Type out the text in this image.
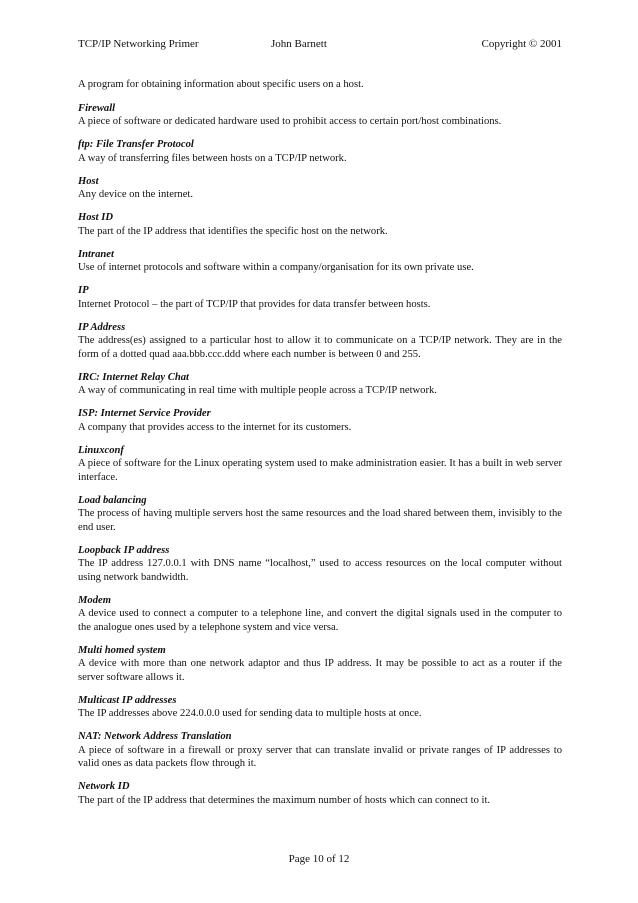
TCP/IP Networking Primer	John Barnett	Copyright © 2001

A program for obtaining information about specific users on a host.

Firewall
A piece of software or dedicated hardware used to prohibit access to certain port/host combinations.
ftp: File Transfer Protocol
A way of transferring files between hosts on a TCP/IP network.
Host
Any device on the internet.
Host ID
The part of the IP address that identifies the specific host on the network.
Intranet
Use of internet protocols and software within a company/organisation for its own private use.
IP
Internet Protocol – the part of TCP/IP that provides for data transfer between hosts.
IP Address
The address(es) assigned to a particular host to allow it to communicate on a TCP/IP network. They are in the form of a dotted quad aaa.bbb.ccc.ddd where each number is between 0 and 255.
IRC: Internet Relay Chat
A way of communicating in real time with multiple people across a TCP/IP network.
ISP: Internet Service Provider
A company that provides access to the internet for its customers.
Linuxconf
A piece of software for the Linux operating system used to make administration easier. It has a built in web server interface.
Load balancing
The process of having multiple servers host the same resources and the load shared between them, invisibly to the end user.
Loopback IP address
The IP address 127.0.0.1 with DNS name “localhost,” used to access resources on the local computer without using network bandwidth.
Modem
A device used to connect a computer to a telephone line, and convert the digital signals used in the computer to the analogue ones used by a telephone system and vice versa.
Multi homed system
A device with more than one network adaptor and thus IP address. It may be possible to act as a router if the server software allows it.
Multicast IP addresses
The IP addresses above 224.0.0.0 used for sending data to multiple hosts at once.
NAT: Network Address Translation
A piece of software in a firewall or proxy server that can translate invalid or private ranges of IP addresses to valid ones as data packets flow through it.
Network ID
The part of the IP address that determines the maximum number of hosts which can connect to it.
Page 10 of 12
